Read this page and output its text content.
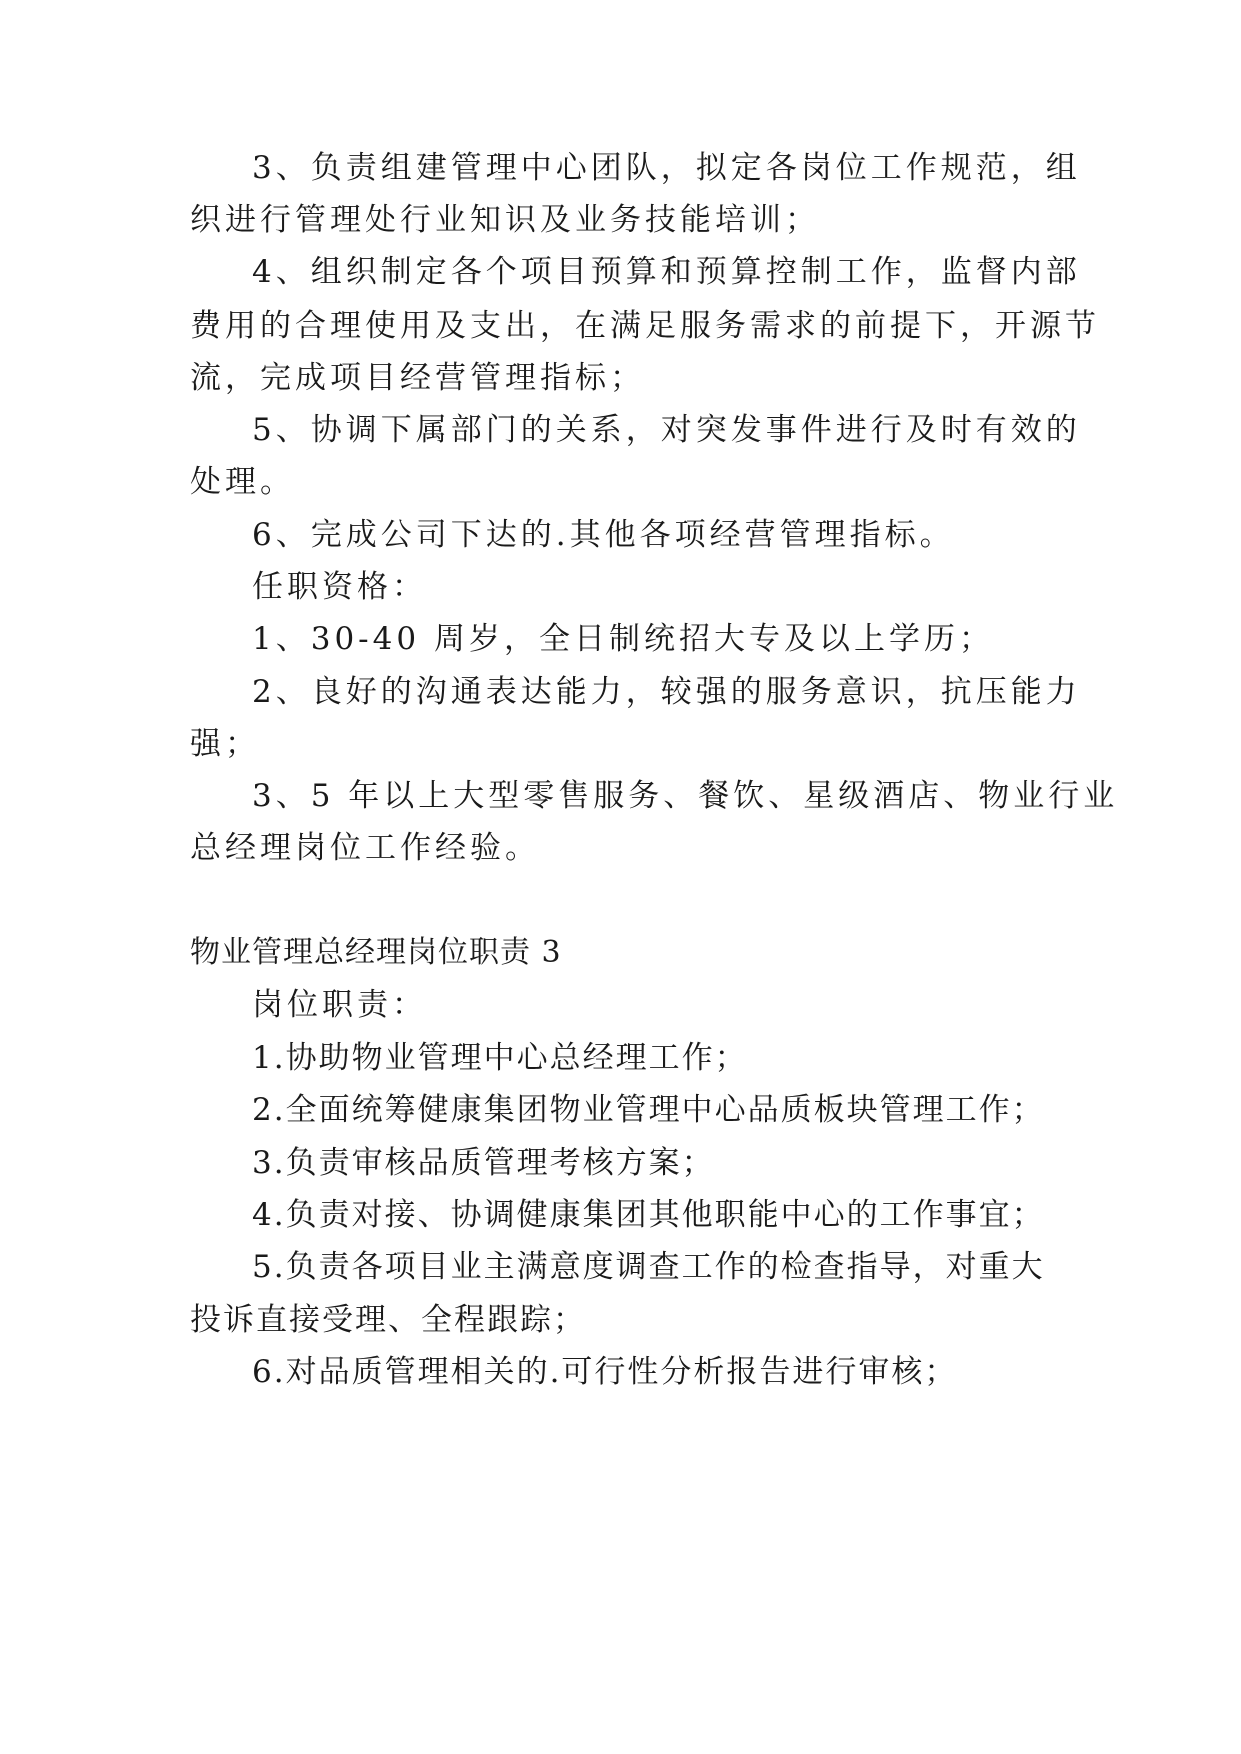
3、负责组建管理中心团队，拟定各岗位工作规范，组
织进行管理处行业知识及业务技能培训；
4、组织制定各个项目预算和预算控制工作，监督内部
费用的合理使用及支出，在满足服务需求的前提下，开源节
流，完成项目经营管理指标；
5、协调下属部门的关系，对突发事件进行及时有效的
处理。
6、完成公司下达的.其他各项经营管理指标。
任职资格：
1、30-40 周岁，全日制统招大专及以上学历；
2、良好的沟通表达能力，较强的服务意识，抗压能力
强；
3、5 年以上大型零售服务、餐饮、星级酒店、物业行业
总经理岗位工作经验。
物业管理总经理岗位职责 3
岗位职责：
1.协助物业管理中心总经理工作；
2.全面统筹健康集团物业管理中心品质板块管理工作；
3.负责审核品质管理考核方案；
4.负责对接、协调健康集团其他职能中心的工作事宜；
5.负责各项目业主满意度调查工作的检查指导，对重大
投诉直接受理、全程跟踪；
6.对品质管理相关的.可行性分析报告进行审核；
